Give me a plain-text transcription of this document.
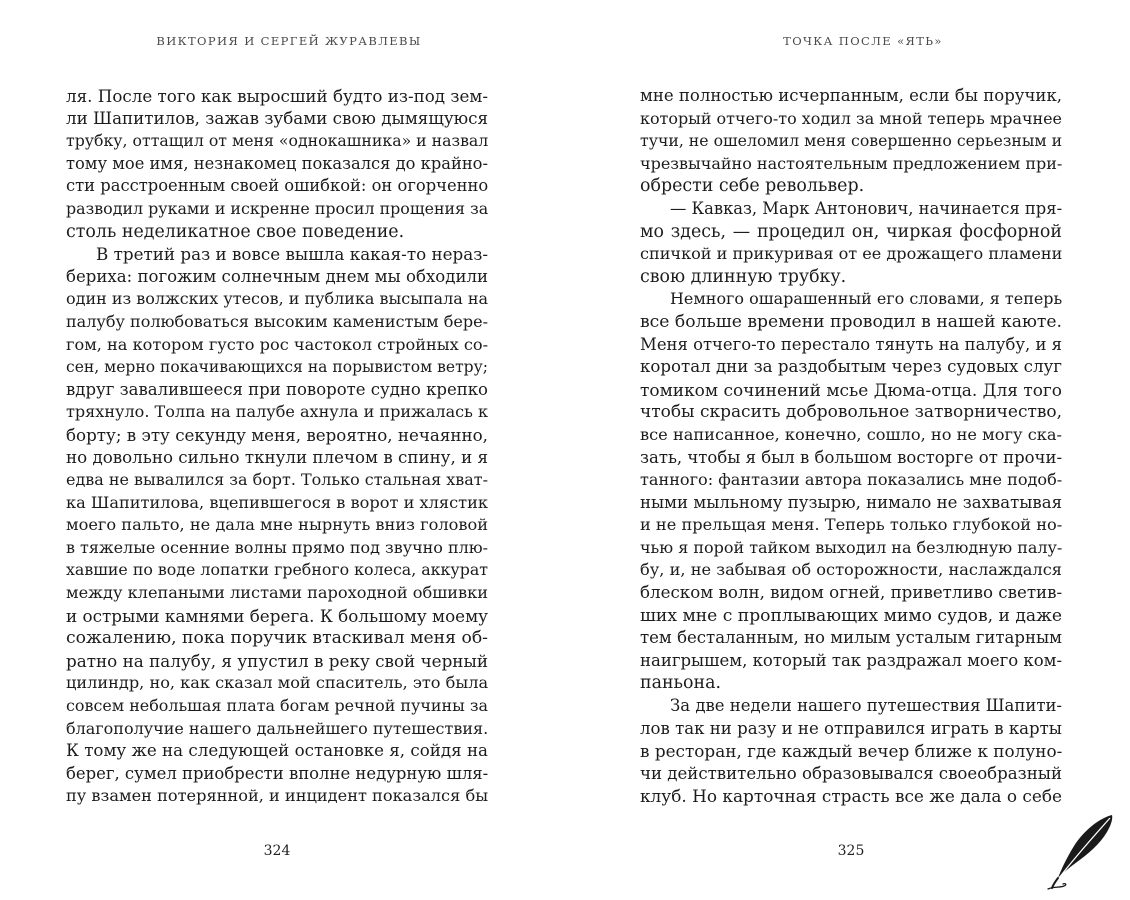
ВИКТОРИЯ И СЕРГЕЙ ЖУРАВЛЕВЫ
ля. После того как выросший будто из-под зем-
ли Шапитилов, зажав зубами свою дымящуюся
трубку, оттащил от меня «однокашника» и назвал
тому мое имя, незнакомец показался до крайно-
сти расстроенным своей ошибкой: он огорченно
разводил руками и искренне просил прощения за
столь неделикатное свое поведение.
В третий раз и вовсе вышла какая-то нераз-
бериха: погожим солнечным днем мы обходили
один из волжских утесов, и публика высыпала на
палубу полюбоваться высоким каменистым бере-
гом, на котором густо рос частокол стройных со-
сен, мерно покачивающихся на порывистом ветру;
вдруг завалившееся при повороте судно крепко
тряхнуло. Толпа на палубе ахнула и прижалась к
борту; в эту секунду меня, вероятно, нечаянно,
но довольно сильно ткнули плечом в спину, и я
едва не вывалился за борт. Только стальная хват-
ка Шапитилова, вцепившегося в ворот и хлястик
моего пальто, не дала мне нырнуть вниз головой
в тяжелые осенние волны прямо под звучно плю-
хавшие по воде лопатки гребного колеса, аккурат
между клепаными листами пароходной обшивки
и острыми камнями берега. К большому моему
сожалению, пока поручик втаскивал меня об-
ратно на палубу, я упустил в реку свой черный
цилиндр, но, как сказал мой спаситель, это была
совсем небольшая плата богам речной пучины за
благополучие нашего дальнейшего путешествия.
К тому же на следующей остановке я, сойдя на
берег, сумел приобрести вполне недурную шля-
пу взамен потерянной, и инцидент показался бы
324
ТОЧКА ПОСЛЕ «ЯТЬ»
мне полностью исчерпанным, если бы поручик,
который отчего-то ходил за мной теперь мрачнее
тучи, не ошеломил меня совершенно серьезным и
чрезвычайно настоятельным предложением при-
обрести себе револьвер.
— Кавказ, Марк Антонович, начинается пря-
мо здесь, — процедил он, чиркая фосфорной
спичкой и прикуривая от ее дрожащего пламени
свою длинную трубку.
Немного ошарашенный его словами, я теперь
все больше времени проводил в нашей каюте.
Меня отчего-то перестало тянуть на палубу, и я
коротал дни за раздобытым через судовых слуг
томиком сочинений мсье Дюма-отца. Для того
чтобы скрасить добровольное затворничество,
все написанное, конечно, сошло, но не могу ска-
зать, чтобы я был в большом восторге от прочи-
танного: фантазии автора показались мне подоб-
ными мыльному пузырю, нимало не захватывая
и не прельщая меня. Теперь только глубокой но-
чью я порой тайком выходил на безлюдную палу-
бу, и, не забывая об осторожности, наслаждался
блеском волн, видом огней, приветливо светив-
ших мне с проплывающих мимо судов, и даже
тем бесталанным, но милым усталым гитарным
наигрышем, который так раздражал моего ком-
паньона.
За две недели нашего путешествия Шапити-
лов так ни разу и не отправился играть в карты
в ресторан, где каждый вечер ближе к полуно-
чи действительно образовывался своеобразный
клуб. Но карточная страсть все же дала о себе
325
